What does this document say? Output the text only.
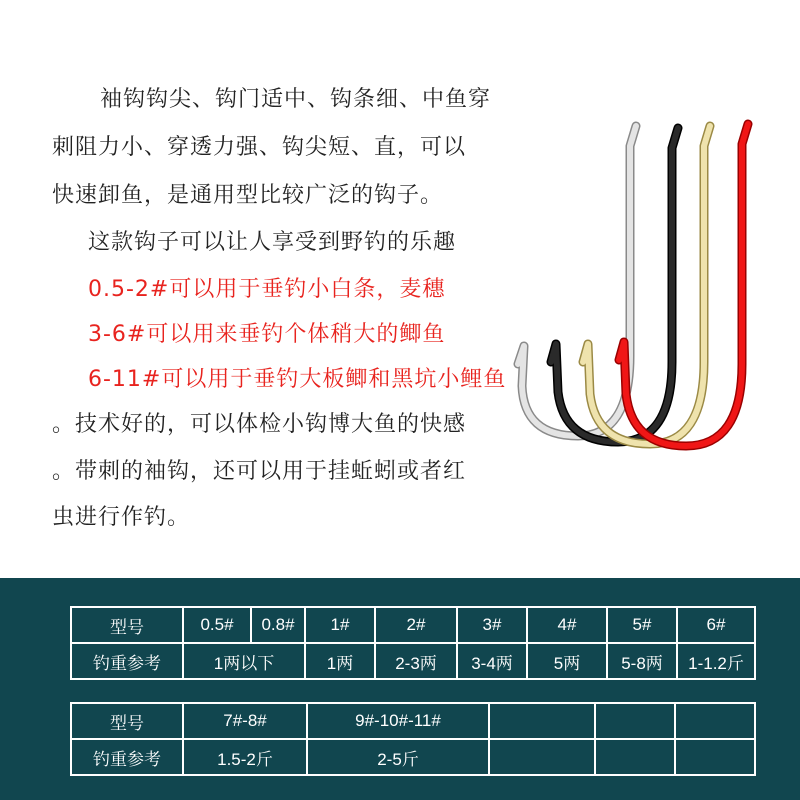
袖钩钩尖、钩门适中、钩条细、中鱼穿
刺阻力小、穿透力强、钩尖短、直，可以
快速卸鱼，是通用型比较广泛的钩子。
这款钩子可以让人享受到野钓的乐趣
0.5-2#可以用于垂钓小白条，麦穗
3-6#可以用来垂钓个体稍大的鲫鱼
6-11#可以用于垂钓大板鲫和黑坑小鲤鱼
。技术好的，可以体检小钩博大鱼的快感
。带刺的袖钩，还可以用于挂蚯蚓或者红
虫进行作钓。
型号	0.5#	0.8#	1#	2#	3#	4#	5#	6#
钓重参考	1两以下		1两	2-3两	3-4两	5两	5-8两	1-1.2斤
型号	7#-8#	9#-10#-11#			
钓重参考	1.5-2斤	2-5斤			
